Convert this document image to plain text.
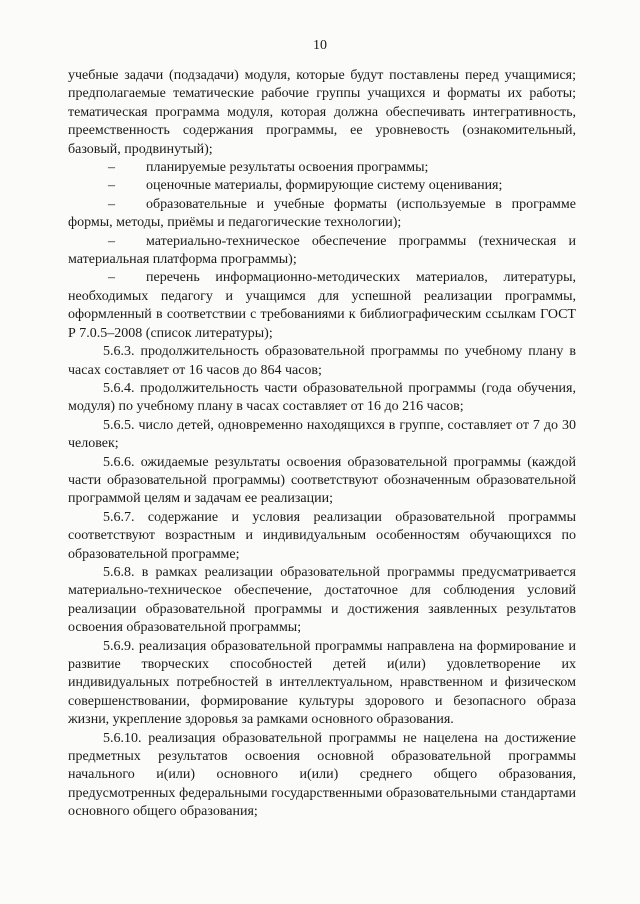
10

учебные задачи (подзадачи) модуля, которые будут поставлены перед учащимися; предполагаемые тематические рабочие группы учащихся и форматы их работы; тематическая программа модуля, которая должна обеспечивать интегративность, преемственность содержания программы, ее уровневость (ознакомительный, базовый, продвинутый);

– планируемые результаты освоения программы;

– оценочные материалы, формирующие систему оценивания;

– образовательные и учебные форматы (используемые в программе формы, методы, приёмы и педагогические технологии);

– материально-техническое обеспечение программы (техническая и материальная платформа программы);

– перечень информационно-методических материалов, литературы, необходимых педагогу и учащимся для успешной реализации программы, оформленный в соответствии с требованиями к библиографическим ссылкам ГОСТ Р 7.0.5–2008 (список литературы);

5.6.3. продолжительность образовательной программы по учебному плану в часах составляет от 16 часов до 864 часов;

5.6.4. продолжительность части образовательной программы (года обучения, модуля) по учебному плану в часах составляет от 16 до 216 часов;

5.6.5. число детей, одновременно находящихся в группе, составляет от 7 до 30 человек;

5.6.6. ожидаемые результаты освоения образовательной программы (каждой части образовательной программы) соответствуют обозначенным образовательной программой целям и задачам ее реализации;

5.6.7. содержание и условия реализации образовательной программы соответствуют возрастным и индивидуальным особенностям обучающихся по образовательной программе;

5.6.8. в рамках реализации образовательной программы предусматривается материально-техническое обеспечение, достаточное для соблюдения условий реализации образовательной программы и достижения заявленных результатов освоения образовательной программы;

5.6.9. реализация образовательной программы направлена на формирование и развитие творческих способностей детей и(или) удовлетворение их индивидуальных потребностей в интеллектуальном, нравственном и физическом совершенствовании, формирование культуры здорового и безопасного образа жизни, укрепление здоровья за рамками основного образования.

5.6.10. реализация образовательной программы не нацелена на достижение предметных результатов освоения основной образовательной программы начального и(или) основного и(или) среднего общего образования, предусмотренных федеральными государственными образовательными стандартами основного общего образования;
